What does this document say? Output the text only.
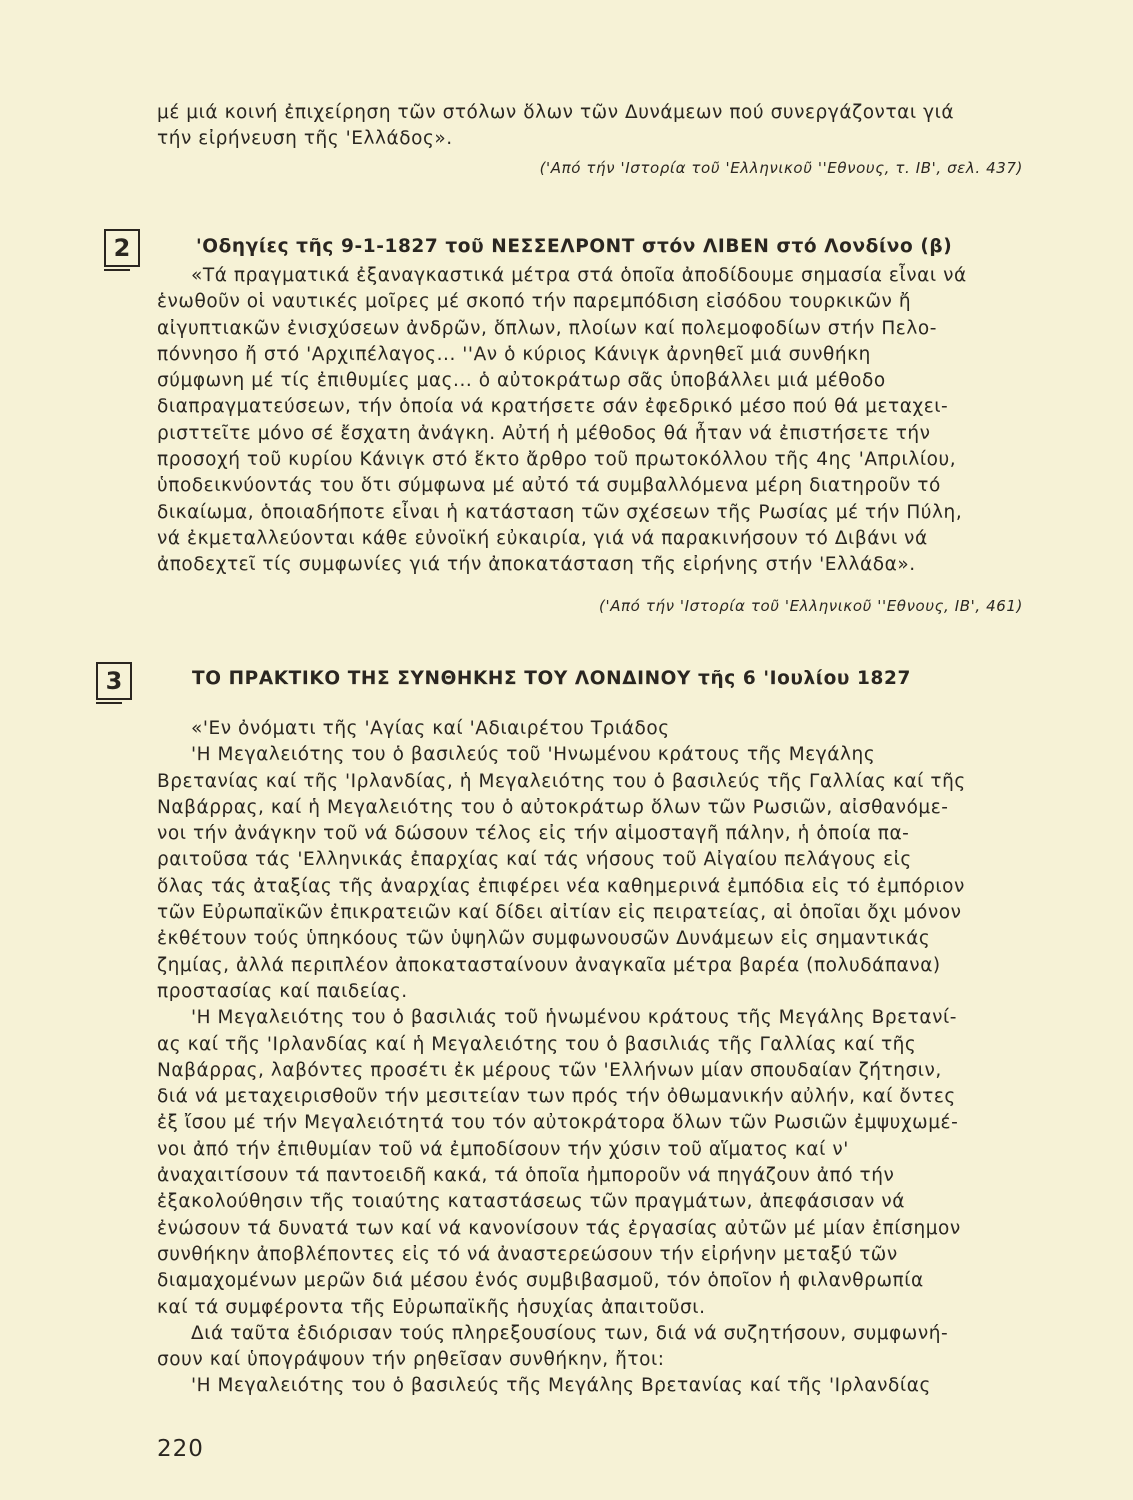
μέ μιά κοινή ἐπιχείρηση τῶν στόλων ὅλων τῶν Δυνάμεων πού συνεργάζονται γιά
τήν εἰρήνευση τῆς 'Ελλάδος».
('Από τήν 'Ιστορία τοῦ 'Ελληνικοῦ ''Εθνους, τ. ΙΒ', σελ. 437)
2	'Οδηγίες τῆς 9-1-1827 τοῦ ΝΕΣΣΕΛΡΟΝΤ στόν ΛΙΒΕΝ στό Λονδίνο (β)
«Τά πραγματικά ἐξαναγκαστικά μέτρα στά ὁποῖα ἀποδίδουμε σημασία εἶναι νά
ἑνωθοῦν οἱ ναυτικές μοῖρες μέ σκοπό τήν παρεμπόδιση εἰσόδου τουρκικῶν ἤ
αἰγυπτιακῶν ἐνισχύσεων ἀνδρῶν, ὅπλων, πλοίων καί πολεμοφοδίων στήν Πελο-
πόννησο ἤ στό 'Αρχιπέλαγος... ''Αν ὁ κύριος Κάνιγκ ἀρνηθεῖ μιά συνθήκη
σύμφωνη μέ τίς ἐπιθυμίες μας... ὁ αὐτοκράτωρ σᾶς ὑποβάλλει μιά μέθοδο
διαπραγματεύσεων, τήν ὁποία νά κρατήσετε σάν ἐφεδρικό μέσο πού θά μεταχει-
ρισττεῖτε μόνο σέ ἔσχατη ἀνάγκη. Αὐτή ἡ μέθοδος θά ἦταν νά ἐπιστήσετε τήν
προσοχή τοῦ κυρίου Κάνιγκ στό ἕκτο ἄρθρο τοῦ πρωτοκόλλου τῆς 4ης 'Απριλίου,
ὑποδεικνύοντάς του ὅτι σύμφωνα μέ αὐτό τά συμβαλλόμενα μέρη διατηροῦν τό
δικαίωμα, ὁποιαδήποτε εἶναι ἡ κατάσταση τῶν σχέσεων τῆς Ρωσίας μέ τήν Πύλη,
νά ἐκμεταλλεύονται κάθε εὐνοϊκή εὐκαιρία, γιά νά παρακινήσουν τό Διβάνι νά
ἀποδεχτεῖ τίς συμφωνίες γιά τήν ἀποκατάσταση τῆς εἰρήνης στήν 'Ελλάδα».
('Από τήν 'Ιστορία τοῦ 'Ελληνικοῦ ''Εθνους, ΙΒ', 461)
3	ΤΟ ΠΡΑΚΤΙΚΟ ΤΗΣ ΣΥΝΘΗΚΗΣ ΤΟΥ ΛΟΝΔΙΝΟΥ τῆς 6 'Ιουλίου 1827
«'Εν ὀνόματι τῆς 'Αγίας καί 'Αδιαιρέτου Τριάδος
'Η Μεγαλειότης του ὁ βασιλεύς τοῦ 'Ηνωμένου κράτους τῆς Μεγάλης
Βρετανίας καί τῆς 'Ιρλανδίας, ἡ Μεγαλειότης του ὁ βασιλεύς τῆς Γαλλίας καί τῆς
Ναβάρρας, καί ἡ Μεγαλειότης του ὁ αὐτοκράτωρ ὅλων τῶν Ρωσιῶν, αἰσθανόμε-
νοι τήν ἀνάγκην τοῦ νά δώσουν τέλος εἰς τήν αἱμοσταγῆ πάλην, ἡ ὁποία πα-
ραιτοῦσα τάς 'Ελληνικάς ἐπαρχίας καί τάς νήσους τοῦ Αἰγαίου πελάγους εἰς
ὅλας τάς ἀταξίας τῆς ἀναρχίας ἐπιφέρει νέα καθημερινά ἐμπόδια εἰς τό ἐμπόριον
τῶν Εὐρωπαϊκῶν ἐπικρατειῶν καί δίδει αἰτίαν εἰς πειρατείας, αἱ ὁποῖαι ὄχι μόνον
ἐκθέτουν τούς ὑπηκόους τῶν ὑψηλῶν συμφωνουσῶν Δυνάμεων εἰς σημαντικάς
ζημίας, ἀλλά περιπλέον ἀποκατασταίνουν ἀναγκαῖα μέτρα βαρέα (πολυδάπανα)
προστασίας καί παιδείας.
'Η Μεγαλειότης του ὁ βασιλιάς τοῦ ἡνωμένου κράτους τῆς Μεγάλης Βρετανί-
ας καί τῆς 'Ιρλανδίας καί ἡ Μεγαλειότης του ὁ βασιλιάς τῆς Γαλλίας καί τῆς
Ναβάρρας, λαβόντες προσέτι ἐκ μέρους τῶν 'Ελλήνων μίαν σπουδαίαν ζήτησιν,
διά νά μεταχειρισθοῦν τήν μεσιτείαν των πρός τήν ὀθωμανικήν αὐλήν, καί ὄντες
ἐξ ἴσου μέ τήν Μεγαλειότητά του τόν αὐτοκράτορα ὅλων τῶν Ρωσιῶν ἐμψυχωμέ-
νοι ἀπό τήν ἐπιθυμίαν τοῦ νά ἐμποδίσουν τήν χύσιν τοῦ αἵματος καί ν'
ἀναχαιτίσουν τά παντοειδῆ κακά, τά ὁποῖα ἠμποροῦν νά πηγάζουν ἀπό τήν
ἐξακολούθησιν τῆς τοιαύτης καταστάσεως τῶν πραγμάτων, ἀπεφάσισαν νά
ἐνώσουν τά δυνατά των καί νά κανονίσουν τάς ἐργασίας αὐτῶν μέ μίαν ἐπίσημον
συνθήκην ἀποβλέποντες εἰς τό νά ἀναστερεώσουν τήν εἰρήνην μεταξύ τῶν
διαμαχομένων μερῶν διά μέσου ἑνός συμβιβασμοῦ, τόν ὁποῖον ἡ φιλανθρωπία
καί τά συμφέροντα τῆς Εὐρωπαϊκῆς ἡσυχίας ἀπαιτοῦσι.
Διά ταῦτα ἐδιόρισαν τούς πληρεξουσίους των, διά νά συζητήσουν, συμφωνή-
σουν καί ὑπογράψουν τήν ρηθεῖσαν συνθήκην, ἤτοι:
'Η Μεγαλειότης του ὁ βασιλεύς τῆς Μεγάλης Βρετανίας καί τῆς 'Ιρλανδίας
220
